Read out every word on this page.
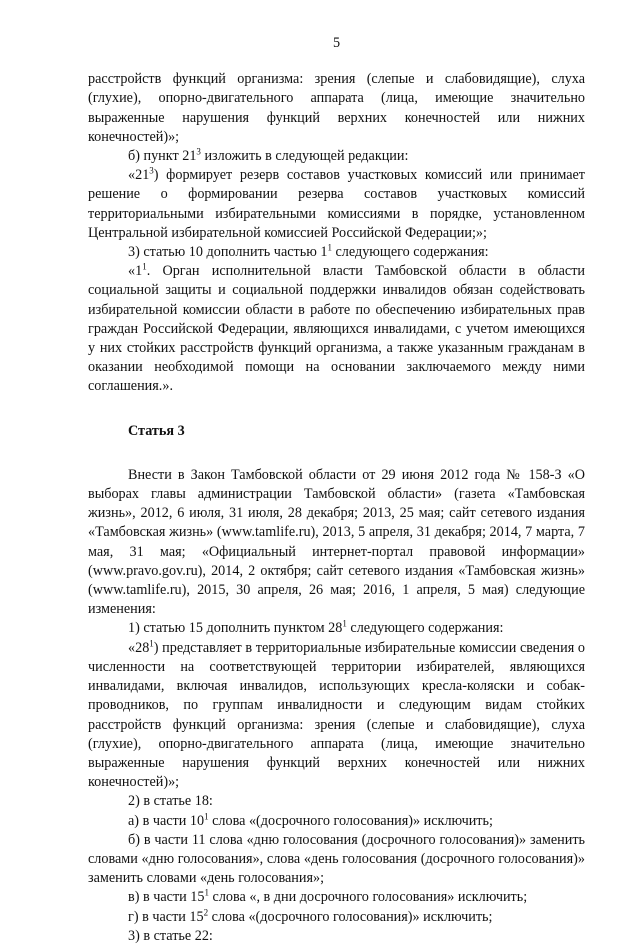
5

расстройств функций организма: зрения (слепые и слабовидящие), слуха (глухие), опорно-двигательного аппарата (лица, имеющие значительно выраженные нарушения функций верхних конечностей или нижних конечностей)»;

б) пункт $21^3$ изложить в следующей редакции:

«$21^3$) формирует резерв составов участковых комиссий или принимает решение о формировании резерва составов участковых комиссий территориальными избирательными комиссиями в порядке, установленном Центральной избирательной комиссией Российской Федерации;»;

3) статью 10 дополнить частью $1^1$ следующего содержания:

«$1^1$. Орган исполнительной власти Тамбовской области в области социальной защиты и социальной поддержки инвалидов обязан содействовать избирательной комиссии области в работе по обеспечению избирательных прав граждан Российской Федерации, являющихся инвалидами, с учетом имеющихся у них стойких расстройств функций организма, а также указанным гражданам в оказании необходимой помощи на основании заключаемого между ними соглашения.».

Статья 3

Внести в Закон Тамбовской области от 29 июня 2012 года № 158-З «О выборах главы администрации Тамбовской области» (газета «Тамбовская жизнь», 2012, 6 июля, 31 июля, 28 декабря; 2013, 25 мая; сайт сетевого издания «Тамбовская жизнь» (www.tamlife.ru), 2013, 5 апреля, 31 декабря; 2014, 7 марта, 7 мая, 31 мая; «Официальный интернет-портал правовой информации» (www.pravo.gov.ru), 2014, 2 октября; сайт сетевого издания «Тамбовская жизнь» (www.tamlife.ru), 2015, 30 апреля, 26 мая; 2016, 1 апреля, 5 мая) следующие изменения:

1) статью 15 дополнить пунктом $28^1$ следующего содержания:

«$28^1$) представляет в территориальные избирательные комиссии сведения о численности на соответствующей территории избирателей, являющихся инвалидами, включая инвалидов, использующих кресла-коляски и собак-проводников, по группам инвалидности и следующим видам стойких расстройств функций организма: зрения (слепые и слабовидящие), слуха (глухие), опорно-двигательного аппарата (лица, имеющие значительно выраженные нарушения функций верхних конечностей или нижних конечностей)»;

2) в статье 18:

а) в части $10^1$ слова «(досрочного голосования)» исключить;

б) в части 11 слова «дню голосования (досрочного голосования)» заменить словами «дню голосования», слова «день голосования (досрочного голосования)» заменить словами «день голосования»;

в) в части $15^1$ слова «, в дни досрочного голосования» исключить;

г) в части $15^2$ слова «(досрочного голосования)» исключить;

3) в статье 22:
